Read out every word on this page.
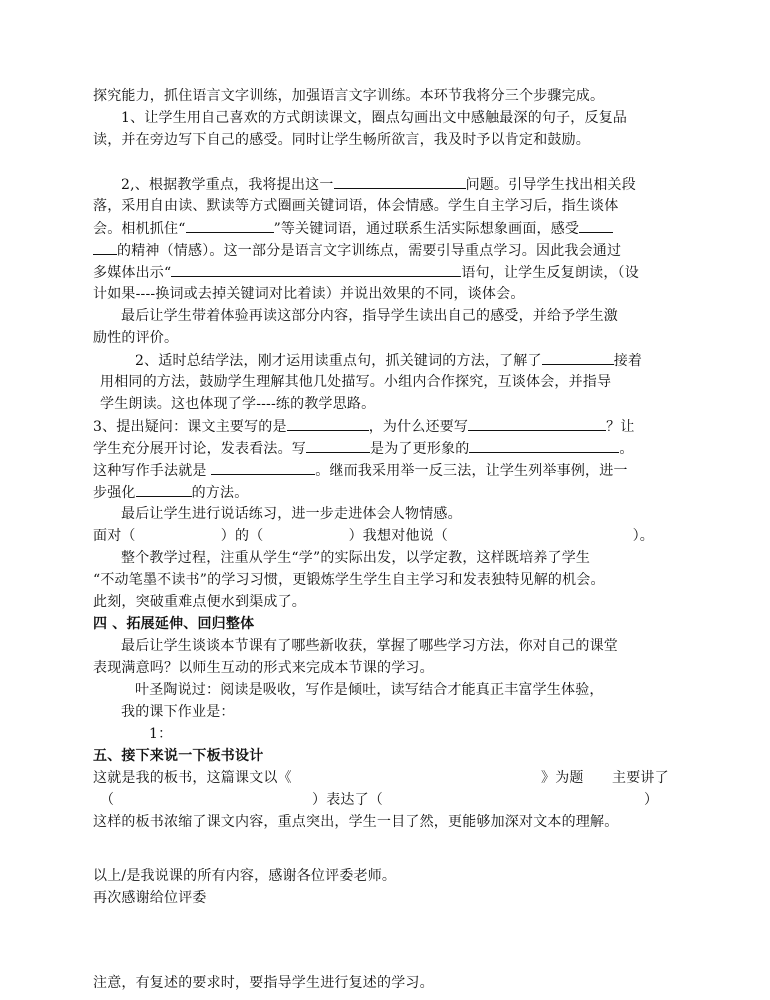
探究能力，抓住语言文字训练，加强语言文字训练。本环节我将分三个步骤完成。
1、让学生用自己喜欢的方式朗读课文，圈点勾画出文中感触最深的句子，反复品
读，并在旁边写下自己的感受。同时让学生畅所欲言，我及时予以肯定和鼓励。
2,、根据教学重点，我将提出这一	问题。引导学生找出相关段
落，采用自由读、默读等方式圈画关键词语，体会情感。学生自主学习后，指生谈体
会。相机抓住“	”等关键词语，通过联系生活实际想象画面，感受
的精神（情感）。这一部分是语言文字训练点，需要引导重点学习。因此我会通过
多媒体出示“	语句，让学生反复朗读，（设
计如果----换词或去掉关键词对比着读）并说出效果的不同，谈体会。
最后让学生带着体验再读这部分内容，指导学生读出自己的感受，并给予学生激
励性的评价。
2、适时总结学法，刚才运用读重点句，抓关键词的方法，了解了	接着
用相同的方法，鼓励学生理解其他几处描写。小组内合作探究，互谈体会，并指导
学生朗读。这也体现了学----练的教学思路。
3、提出疑问：课文主要写的是	，为什么还要写	？让
学生充分展开讨论，发表看法。写	是为了更形象的	。
这种写作手法就是	。继而我采用举一反三法，让学生列举事例，进一
步强化	的方法。
最后让学生进行说话练习，进一步走进体会人物情感。
面对（　　　　　　）的（　　　　　　）我想对他说（　　　　　　　　　　　　　）。
整个教学过程，注重从学生“学”的实际出发，以学定教，这样既培养了学生
“不动笔墨不读书”的学习习惯，更锻炼学生学生自主学习和发表独特见解的机会。
此刻，突破重难点便水到渠成了。
四 、拓展延伸、回归整体
最后让学生谈谈本节课有了哪些新收获，掌握了哪些学习方法，你对自己的课堂
表现满意吗？以师生互动的形式来完成本节课的学习。
叶圣陶说过：阅读是吸收，写作是倾吐，读写结合才能真正丰富学生体验，
我的课下作业是：
1：
五、接下来说一下板书设计
这就是我的板书，这篇课文以《	》为题　　主要讲了
（	）表达了（	）
这样的板书浓缩了课文内容，重点突出，学生一目了然，更能够加深对文本的理解。
以上/是我说课的所有内容，感谢各位评委老师。
再次感谢给位评委
注意，有复述的要求时，要指导学生进行复述的学习。
